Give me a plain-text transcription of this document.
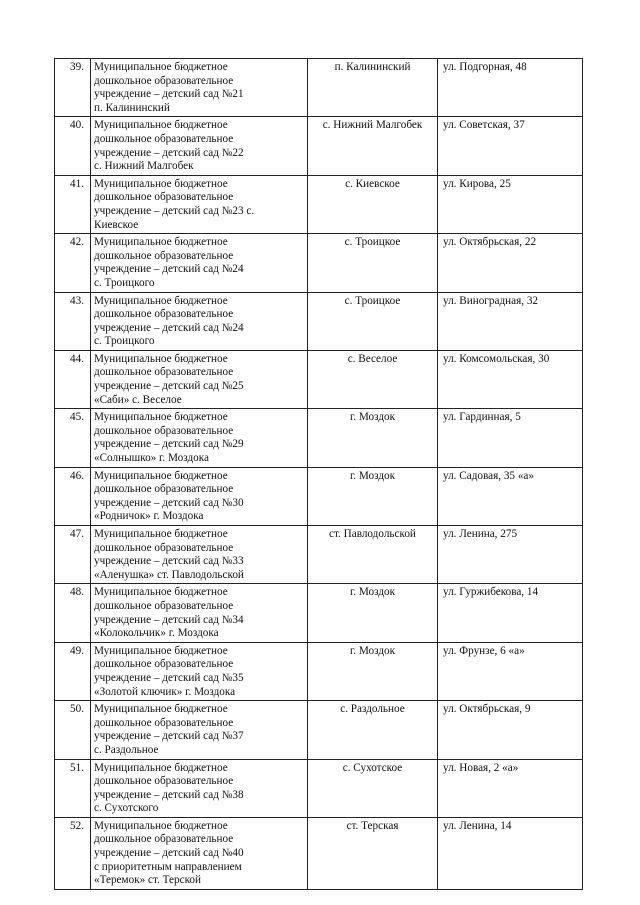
39.	Муниципальное бюджетное
дошкольное образовательное
учреждение – детский сад №21
п. Калининский	п. Калининский	ул. Подгорная, 48
40.	Муниципальное бюджетное
дошкольное образовательное
учреждение – детский сад №22
с. Нижний Малгобек	с. Нижний Малгобек	ул. Советская, 37
41.	Муниципальное бюджетное
дошкольное образовательное
учреждение – детский сад №23 с.
Киевское	с. Киевское	ул. Кирова, 25
42.	Муниципальное бюджетное
дошкольное образовательное
учреждение – детский сад №24
с. Троицкого	с. Троицкое	ул. Октябрьская, 22
43.	Муниципальное бюджетное
дошкольное образовательное
учреждение – детский сад №24
с. Троицкого	с. Троицкое	ул. Виноградная, 32
44.	Муниципальное бюджетное
дошкольное образовательное
учреждение – детский сад №25
«Саби» с. Веселое	с. Веселое	ул. Комсомольская, 30
45.	Муниципальное бюджетное
дошкольное образовательное
учреждение – детский сад №29
«Солнышко» г. Моздока	г. Моздок	ул. Гардинная, 5
46.	Муниципальное бюджетное
дошкольное образовательное
учреждение – детский сад №30
«Родничок» г. Моздока	г. Моздок	ул. Садовая, 35 «а»
47.	Муниципальное бюджетное
дошкольное образовательное
учреждение – детский сад №33
«Аленушка» ст. Павлодольской	ст. Павлодольской	ул. Ленина, 275
48.	Муниципальное бюджетное
дошкольное образовательное
учреждение – детский сад №34
«Колокольчик» г. Моздока	г. Моздок	ул. Гуржибекова, 14
49.	Муниципальное бюджетное
дошкольное образовательное
учреждение – детский сад №35
«Золотой ключик» г. Моздока	г. Моздок	ул. Фрунзе, 6 «а»
50.	Муниципальное бюджетное
дошкольное образовательное
учреждение – детский сад №37
с. Раздольное	с. Раздольное	ул. Октябрьская, 9
51.	Муниципальное бюджетное
дошкольное образовательное
учреждение – детский сад №38
с. Сухотского	с. Сухотское	ул. Новая, 2 «а»
52.	Муниципальное бюджетное
дошкольное образовательное
учреждение – детский сад №40
с приоритетным направлением
«Теремок» ст. Терской	ст. Терская	ул. Ленина, 14
